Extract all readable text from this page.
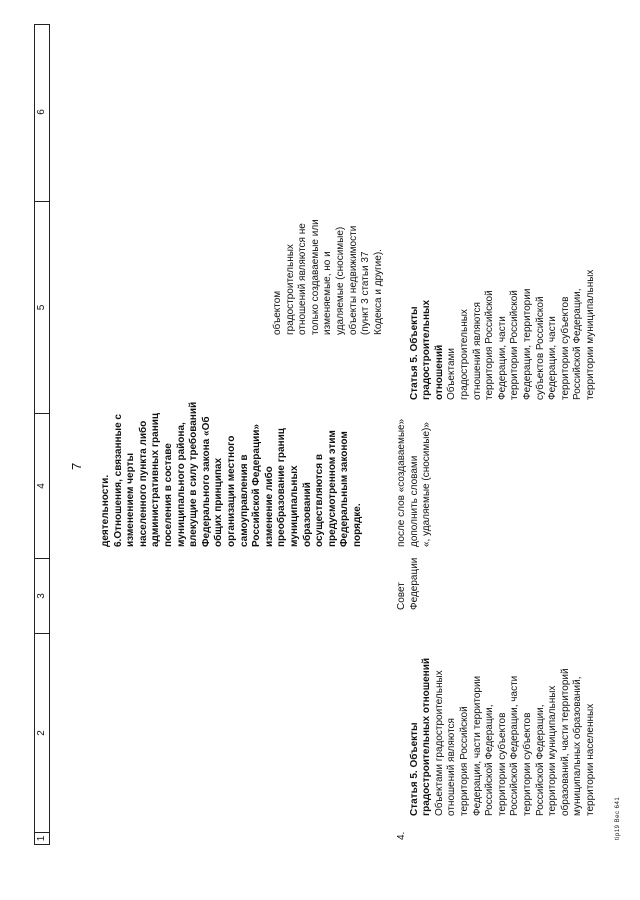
7
1
2
3
4
5
6
деятельности.
6.Отношения, связанные с
изменением черты
населенного пункта либо
административных границ
поселения в составе
муниципального района,
влекущие в силу требований
Федерального закона «Об
общих принципах
организации местного
самоуправления в
Российской Федерации»
изменение либо
преобразование границ
муниципальных
образований
осуществляются в
предусмотренном этим
Федеральным законом
порядке.
объектом
градостроительных
отношений являются не
только создаваемые или
изменяемые, но и
удаляемые (сносимые)
объекты недвижимости
(пункт 3 статьи 37
Кодекса и другие).
4.

Статья 5. Объекты
градостроительных отношений

Объектами градостроительных
отношений являются
территория Российской
Федерации, части территории
Российской Федерации,
территории субъектов
Российской Федерации, части
территории субъектов
Российской Федерации,
территории муниципальных
образований, части территорий
муниципальных образований,
территории населенных

Совет
Федерации
после слов «создаваемые»
дополнить словами
«, удаляемые (сносимые)»

Статья 5. Объекты
градостроительных
отношений Объектами
градостроительных
отношений являются
территория Российской
Федерации, части
территории Российской
Федерации, территории
субъектов Российской
Федерации, части
территории субъектов
Российской Федерации,
территории муниципальных

tip19 Вес 641
